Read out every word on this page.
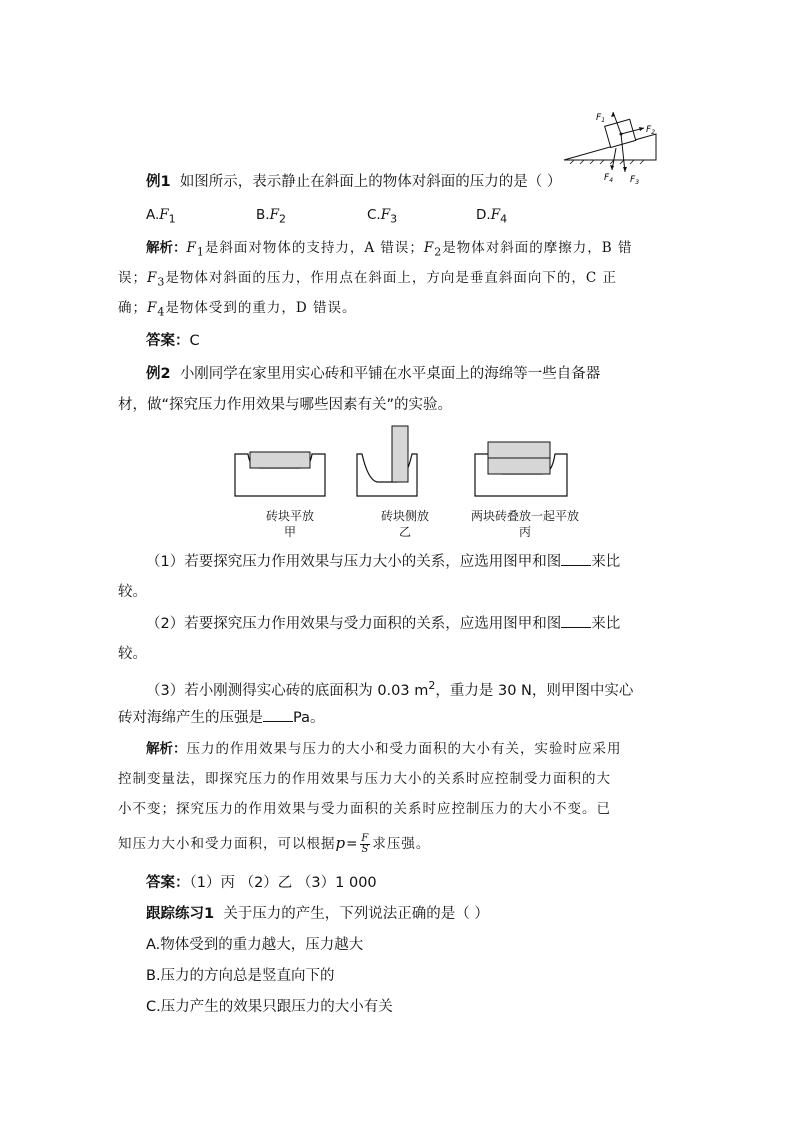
$F_1$
$F_2$
$F_4$ $F_3$
例1 如图所示，表示静止在斜面上的物体对斜面的压力的是（ ）
$A.F_1$	$B.F_2$	$C.F_3$	$D.F_4$
解析：$F_1$是斜面对物体的支持力，A 错误；$F_2$是物体对斜面的摩擦力，B 错
误；$F_3$是物体对斜面的压力，作用点在斜面上，方向是垂直斜面向下的，C 正
确；$F_4$是物体受到的重力，D 错误。
答案：C
例2 小刚同学在家里用实心砖和平铺在水平桌面上的海绵等一些自备器
材，做“探究压力作用效果与哪些因素有关”的实验。
砖块平放
甲
砖块侧放
乙
两块砖叠放一起平放
丙
（1）若要探究压力作用效果与压力大小的关系，应选用图甲和图 来比
较。
（2）若要探究压力作用效果与受力面积的关系，应选用图甲和图 来比
较。
（3）若小刚测得实心砖的底面积为 0.03 $m^2$，重力是 30 N，则甲图中实心
砖对海绵产生的压强是 Pa。
解析：压力的作用效果与压力的大小和受力面积的大小有关，实验时应采用
控制变量法，即探究压力的作用效果与压力大小的关系时应控制受力面积的大
小不变；探究压力的作用效果与受力面积的关系时应控制压力的大小不变。已
知压力大小和受力面积，可以根据$p= \frac{F}{S}$ 求压强。
答案：（1）丙 （2）乙 （3）1 000
跟踪练习1 关于压力的产生，下列说法正确的是（ ）
A.物体受到的重力越大，压力越大
B.压力的方向总是竖直向下的
C.压力产生的效果只跟压力的大小有关
